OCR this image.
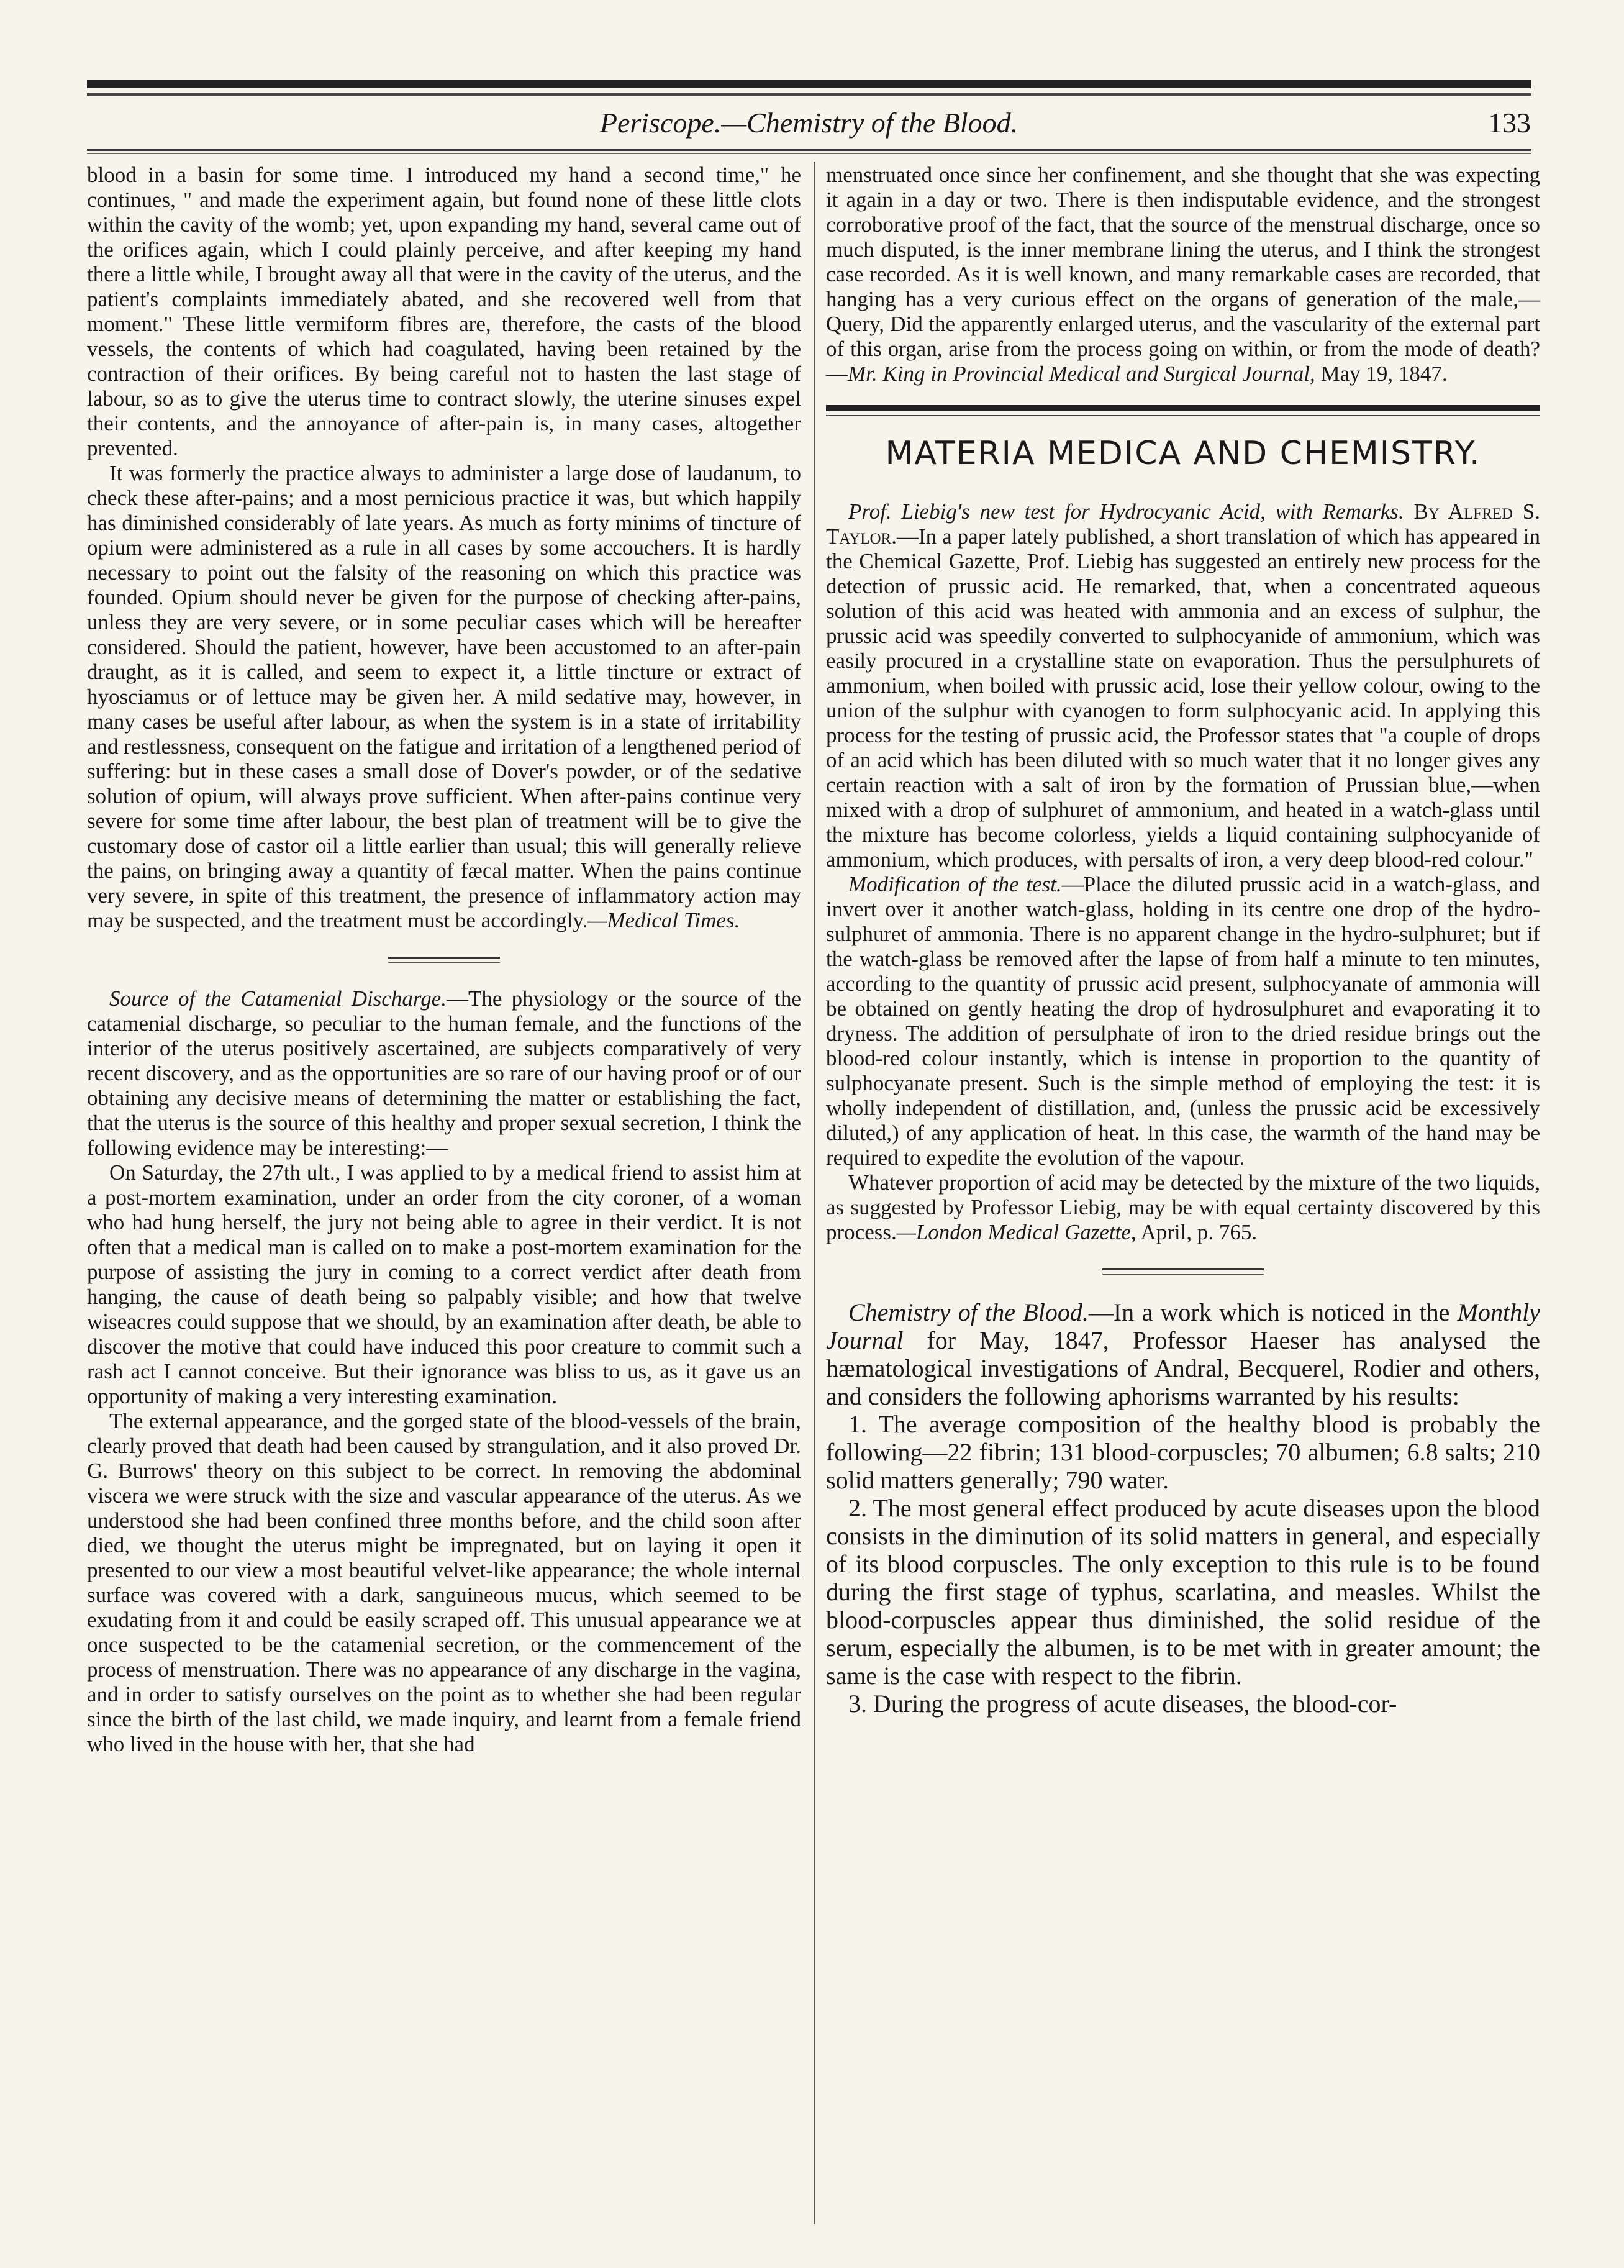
Periscope.—Chemistry of the Blood.	133

blood in a basin for some time. I introduced my hand a second time," he continues, " and made the experiment again, but found none of these little clots within the cavity of the womb; yet, upon expanding my hand, several came out of the orifices again, which I could plainly perceive, and after keeping my hand there a little while, I brought away all that were in the cavity of the uterus, and the patient's complaints immediately abated, and she recovered well from that moment." These little vermiform fibres are, therefore, the casts of the blood vessels, the contents of which had coagulated, having been retained by the contraction of their orifices. By being careful not to hasten the last stage of labour, so as to give the uterus time to contract slowly, the uterine sinuses expel their contents, and the annoyance of after-pain is, in many cases, altogether prevented.

It was formerly the practice always to administer a large dose of laudanum, to check these after-pains; and a most pernicious practice it was, but which happily has diminished considerably of late years. As much as forty minims of tincture of opium were administered as a rule in all cases by some accouchers. It is hardly necessary to point out the falsity of the reasoning on which this practice was founded. Opium should never be given for the purpose of checking after-pains, unless they are very severe, or in some peculiar cases which will be hereafter considered. Should the patient, however, have been accustomed to an after-pain draught, as it is called, and seem to expect it, a little tincture or extract of hyosciamus or of lettuce may be given her. A mild sedative may, however, in many cases be useful after labour, as when the system is in a state of irritability and restlessness, consequent on the fatigue and irritation of a lengthened period of suffering: but in these cases a small dose of Dover's powder, or of the sedative solution of opium, will always prove sufficient. When after-pains continue very severe for some time after labour, the best plan of treatment will be to give the customary dose of castor oil a little earlier than usual; this will generally relieve the pains, on bringing away a quantity of fæcal matter. When the pains continue very severe, in spite of this treatment, the presence of inflammatory action may may be suspected, and the treatment must be accordingly.—Medical Times.

Source of the Catamenial Discharge.—The physiology or the source of the catamenial discharge, so peculiar to the human female, and the functions of the interior of the uterus positively ascertained, are subjects comparatively of very recent discovery, and as the opportunities are so rare of our having proof or of our obtaining any decisive means of determining the matter or establishing the fact, that the uterus is the source of this healthy and proper sexual secretion, I think the following evidence may be interesting:—

On Saturday, the 27th ult., I was applied to by a medical friend to assist him at a post-mortem examination, under an order from the city coroner, of a woman who had hung herself, the jury not being able to agree in their verdict. It is not often that a medical man is called on to make a post-mortem examination for the purpose of assisting the jury in coming to a correct verdict after death from hanging, the cause of death being so palpably visible; and how that twelve wiseacres could suppose that we should, by an examination after death, be able to discover the motive that could have induced this poor creature to commit such a rash act I cannot conceive. But their ignorance was bliss to us, as it gave us an opportunity of making a very interesting examination.

The external appearance, and the gorged state of the blood-vessels of the brain, clearly proved that death had been caused by strangulation, and it also proved Dr. G. Burrows' theory on this subject to be correct. In removing the abdominal viscera we were struck with the size and vascular appearance of the uterus. As we understood she had been confined three months before, and the child soon after died, we thought the uterus might be impregnated, but on laying it open it presented to our view a most beautiful velvet-like appearance; the whole internal surface was covered with a dark, sanguineous mucus, which seemed to be exudating from it and could be easily scraped off. This unusual appearance we at once suspected to be the catamenial secretion, or the commencement of the process of menstruation. There was no appearance of any discharge in the vagina, and in order to satisfy ourselves on the point as to whether she had been regular since the birth of the last child, we made inquiry, and learnt from a female friend who lived in the house with her, that she had

menstruated once since her confinement, and she thought that she was expecting it again in a day or two. There is then indisputable evidence, and the strongest corroborative proof of the fact, that the source of the menstrual discharge, once so much disputed, is the inner membrane lining the uterus, and I think the strongest case recorded. As it is well known, and many remarkable cases are recorded, that hanging has a very curious effect on the organs of generation of the male,—Query, Did the apparently enlarged uterus, and the vascularity of the external part of this organ, arise from the process going on within, or from the mode of death?—Mr. King in Provincial Medical and Surgical Journal, May 19, 1847.

MATERIA MEDICA AND CHEMISTRY.

Prof. Liebig's new test for Hydrocyanic Acid, with Remarks. By Alfred S. Taylor.—In a paper lately published, a short translation of which has appeared in the Chemical Gazette, Prof. Liebig has suggested an entirely new process for the detection of prussic acid. He remarked, that, when a concentrated aqueous solution of this acid was heated with ammonia and an excess of sulphur, the prussic acid was speedily converted to sulphocyanide of ammonium, which was easily procured in a crystalline state on evaporation. Thus the persulphurets of ammonium, when boiled with prussic acid, lose their yellow colour, owing to the union of the sulphur with cyanogen to form sulphocyanic acid. In applying this process for the testing of prussic acid, the Professor states that "a couple of drops of an acid which has been diluted with so much water that it no longer gives any certain reaction with a salt of iron by the formation of Prussian blue,—when mixed with a drop of sulphuret of ammonium, and heated in a watch-glass until the mixture has become colorless, yields a liquid containing sulphocyanide of ammonium, which produces, with persalts of iron, a very deep blood-red colour."

Modification of the test.—Place the diluted prussic acid in a watch-glass, and invert over it another watch-glass, holding in its centre one drop of the hydro-sulphuret of ammonia. There is no apparent change in the hydro-sulphuret; but if the watch-glass be removed after the lapse of from half a minute to ten minutes, according to the quantity of prussic acid present, sulphocyanate of ammonia will be obtained on gently heating the drop of hydrosulphuret and evaporating it to dryness. The addition of persulphate of iron to the dried residue brings out the blood-red colour instantly, which is intense in proportion to the quantity of sulphocyanate present. Such is the simple method of employing the test: it is wholly independent of distillation, and, (unless the prussic acid be excessively diluted,) of any application of heat. In this case, the warmth of the hand may be required to expedite the evolution of the vapour.

Whatever proportion of acid may be detected by the mixture of the two liquids, as suggested by Professor Liebig, may be with equal certainty discovered by this process.—London Medical Gazette, April, p. 765.

Chemistry of the Blood.—In a work which is noticed in the Monthly Journal for May, 1847, Professor Haeser has analysed the hæmatological investigations of Andral, Becquerel, Rodier and others, and considers the following aphorisms warranted by his results:

1. The average composition of the healthy blood is probably the following—22 fibrin; 131 blood-corpuscles; 70 albumen; 6.8 salts; 210 solid matters generally; 790 water.

2. The most general effect produced by acute diseases upon the blood consists in the diminution of its solid matters in general, and especially of its blood corpuscles. The only exception to this rule is to be found during the first stage of typhus, scarlatina, and measles. Whilst the blood-corpuscles appear thus diminished, the solid residue of the serum, especially the albumen, is to be met with in greater amount; the same is the case with respect to the fibrin.

3. During the progress of acute diseases, the blood-cor-
